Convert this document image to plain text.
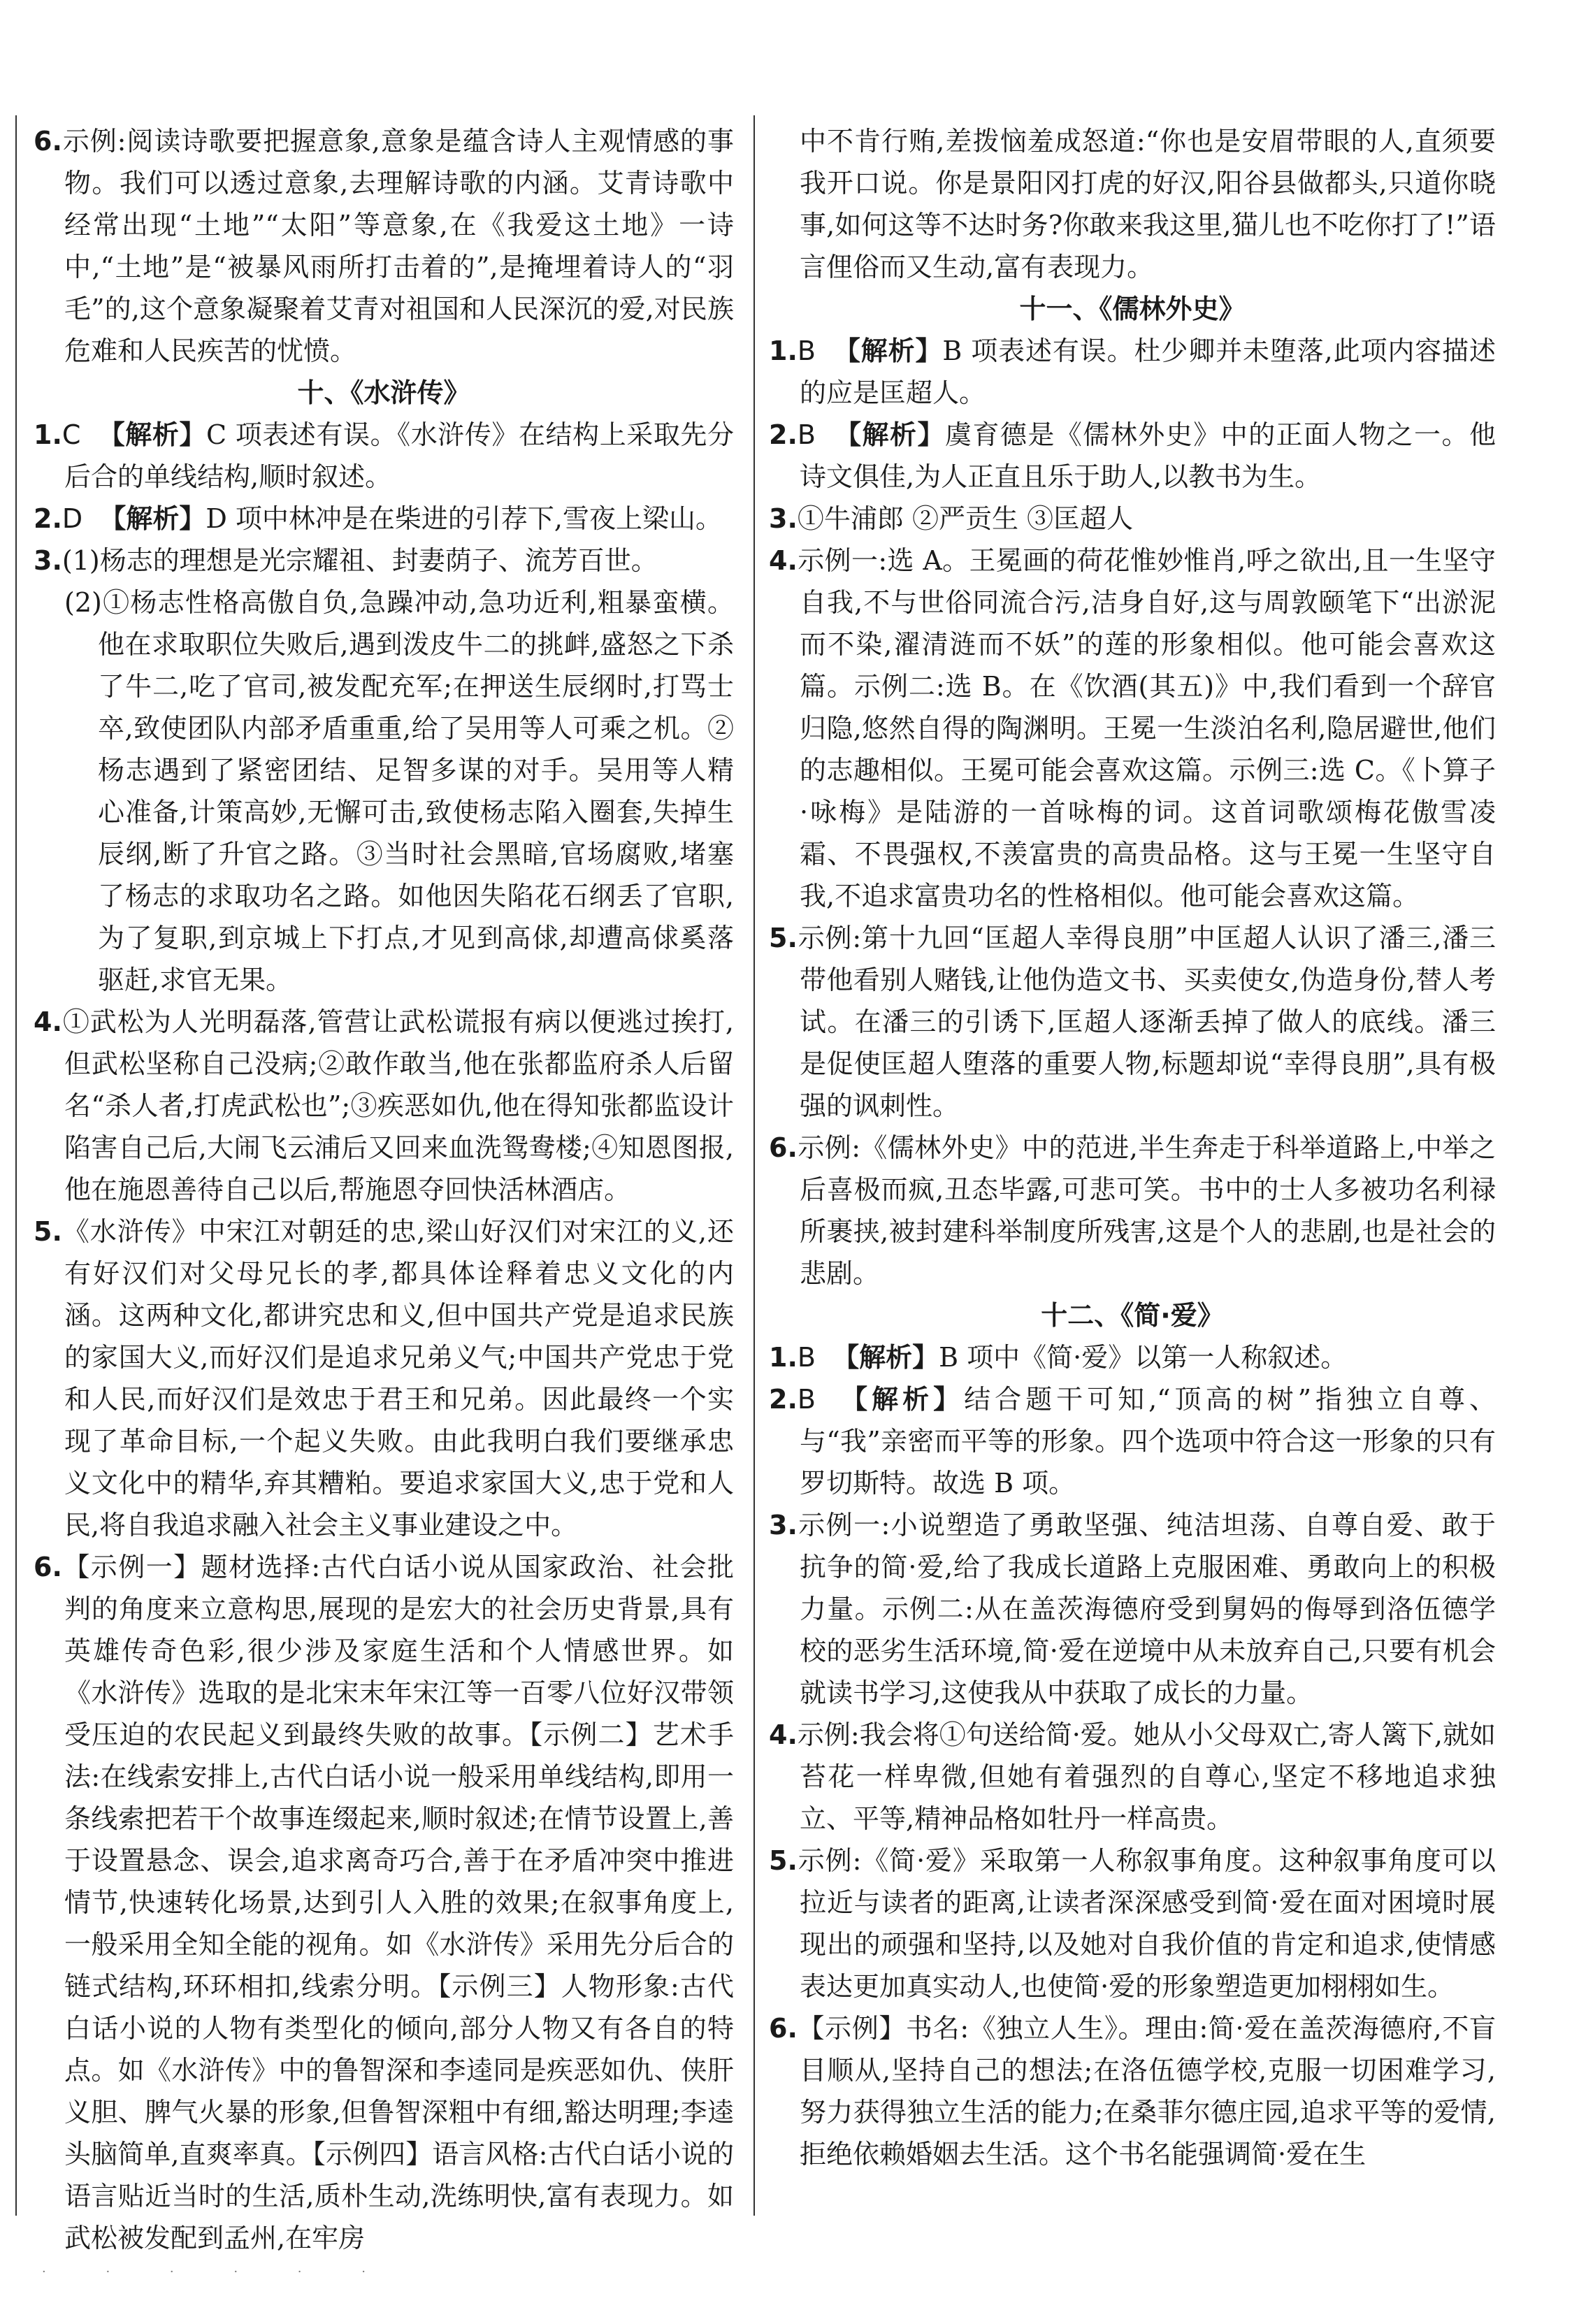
6.示例:阅读诗歌要把握意象,意象是蕴含诗人主观情感的事物。我们可以透过意象,去理解诗歌的内涵。艾青诗歌中经常出现“土地”“太阳”等意象,在《我爱这土地》一诗中,“土地”是“被暴风雨所打击着的”,是掩埋着诗人的“羽毛”的,这个意象凝聚着艾青对祖国和人民深沉的爱,对民族危难和人民疾苦的忧愤。

十、《水浒传》

1.C 【解析】C 项表述有误。《水浒传》在结构上采取先分后合的单线结构,顺时叙述。

2.D 【解析】D 项中林冲是在柴进的引荐下,雪夜上梁山。

3.(1)杨志的理想是光宗耀祖、封妻荫子、流芳百世。

(2)①杨志性格高傲自负,急躁冲动,急功近利,粗暴蛮横。他在求取职位失败后,遇到泼皮牛二的挑衅,盛怒之下杀了牛二,吃了官司,被发配充军;在押送生辰纲时,打骂士卒,致使团队内部矛盾重重,给了吴用等人可乘之机。②杨志遇到了紧密团结、足智多谋的对手。吴用等人精心准备,计策高妙,无懈可击,致使杨志陷入圈套,失掉生辰纲,断了升官之路。③当时社会黑暗,官场腐败,堵塞了杨志的求取功名之路。如他因失陷花石纲丢了官职,为了复职,到京城上下打点,才见到高俅,却遭高俅奚落驱赶,求官无果。

4.①武松为人光明磊落,管营让武松谎报有病以便逃过挨打,但武松坚称自己没病;②敢作敢当,他在张都监府杀人后留名“杀人者,打虎武松也”;③疾恶如仇,他在得知张都监设计陷害自己后,大闹飞云浦后又回来血洗鸳鸯楼;④知恩图报,他在施恩善待自己以后,帮施恩夺回快活林酒店。

5.《水浒传》中宋江对朝廷的忠,梁山好汉们对宋江的义,还有好汉们对父母兄长的孝,都具体诠释着忠义文化的内涵。这两种文化,都讲究忠和义,但中国共产党是追求民族的家国大义,而好汉们是追求兄弟义气;中国共产党忠于党和人民,而好汉们是效忠于君王和兄弟。因此最终一个实现了革命目标,一个起义失败。由此我明白我们要继承忠义文化中的精华,弃其糟粕。要追求家国大义,忠于党和人民,将自我追求融入社会主义事业建设之中。

6.【示例一】题材选择:古代白话小说从国家政治、社会批判的角度来立意构思,展现的是宏大的社会历史背景,具有英雄传奇色彩,很少涉及家庭生活和个人情感世界。如《水浒传》选取的是北宋末年宋江等一百零八位好汉带领受压迫的农民起义到最终失败的故事。【示例二】艺术手法:在线索安排上,古代白话小说一般采用单线结构,即用一条线索把若干个故事连缀起来,顺时叙述;在情节设置上,善于设置悬念、误会,追求离奇巧合,善于在矛盾冲突中推进情节,快速转化场景,达到引人入胜的效果;在叙事角度上,一般采用全知全能的视角。如《水浒传》采用先分后合的链式结构,环环相扣,线索分明。【示例三】人物形象:古代白话小说的人物有类型化的倾向,部分人物又有各自的特点。如《水浒传》中的鲁智深和李逵同是疾恶如仇、侠肝义胆、脾气火暴的形象,但鲁智深粗中有细,豁达明理;李逵头脑简单,直爽率真。【示例四】语言风格:古代白话小说的语言贴近当时的生活,质朴生动,洗练明快,富有表现力。如武松被发配到孟州,在牢房

中不肯行贿,差拨恼羞成怒道:“你也是安眉带眼的人,直须要我开口说。你是景阳冈打虎的好汉,阳谷县做都头,只道你晓事,如何这等不达时务?你敢来我这里,猫儿也不吃你打了!”语言俚俗而又生动,富有表现力。

十一、《儒林外史》

1.B 【解析】B 项表述有误。杜少卿并未堕落,此项内容描述的应是匡超人。

2.B 【解析】虞育德是《儒林外史》中的正面人物之一。他诗文俱佳,为人正直且乐于助人,以教书为生。

3.①牛浦郎 ②严贡生 ③匡超人

4.示例一:选 A。王冕画的荷花惟妙惟肖,呼之欲出,且一生坚守自我,不与世俗同流合污,洁身自好,这与周敦颐笔下“出淤泥而不染,濯清涟而不妖”的莲的形象相似。他可能会喜欢这篇。示例二:选 B。在《饮酒(其五)》中,我们看到一个辞官归隐,悠然自得的陶渊明。王冕一生淡泊名利,隐居避世,他们的志趣相似。王冕可能会喜欢这篇。示例三:选 C。《卜算子·咏梅》是陆游的一首咏梅的词。这首词歌颂梅花傲雪凌霜、不畏强权,不羡富贵的高贵品格。这与王冕一生坚守自我,不追求富贵功名的性格相似。他可能会喜欢这篇。

5.示例:第十九回“匡超人幸得良朋”中匡超人认识了潘三,潘三带他看别人赌钱,让他伪造文书、买卖使女,伪造身份,替人考试。在潘三的引诱下,匡超人逐渐丢掉了做人的底线。潘三是促使匡超人堕落的重要人物,标题却说“幸得良朋”,具有极强的讽刺性。

6.示例:《儒林外史》中的范进,半生奔走于科举道路上,中举之后喜极而疯,丑态毕露,可悲可笑。书中的士人多被功名利禄所裹挟,被封建科举制度所残害,这是个人的悲剧,也是社会的悲剧。

十二、《简·爱》

1.B 【解析】B 项中《简·爱》以第一人称叙述。

2.B 【解析】结合题干可知,“顶高的树”指独立自尊、与“我”亲密而平等的形象。四个选项中符合这一形象的只有罗切斯特。故选 B 项。

3.示例一:小说塑造了勇敢坚强、纯洁坦荡、自尊自爱、敢于抗争的简·爱,给了我成长道路上克服困难、勇敢向上的积极力量。示例二:从在盖茨海德府受到舅妈的侮辱到洛伍德学校的恶劣生活环境,简·爱在逆境中从未放弃自己,只要有机会就读书学习,这使我从中获取了成长的力量。

4.示例:我会将①句送给简·爱。她从小父母双亡,寄人篱下,就如苔花一样卑微,但她有着强烈的自尊心,坚定不移地追求独立、平等,精神品格如牡丹一样高贵。

5.示例:《简·爱》采取第一人称叙事角度。这种叙事角度可以拉近与读者的距离,让读者深深感受到简·爱在面对困境时展现出的顽强和坚持,以及她对自我价值的肯定和追求,使情感表达更加真实动人,也使简·爱的形象塑造更加栩栩如生。

6.【示例】书名:《独立人生》。理由:简·爱在盖茨海德府,不盲目顺从,坚持自己的想法;在洛伍德学校,克服一切困难学习,努力获得独立生活的能力;在桑菲尔德庄园,追求平等的爱情,拒绝依赖婚姻去生活。这个书名能强调简·爱在生

· · · · · ·
